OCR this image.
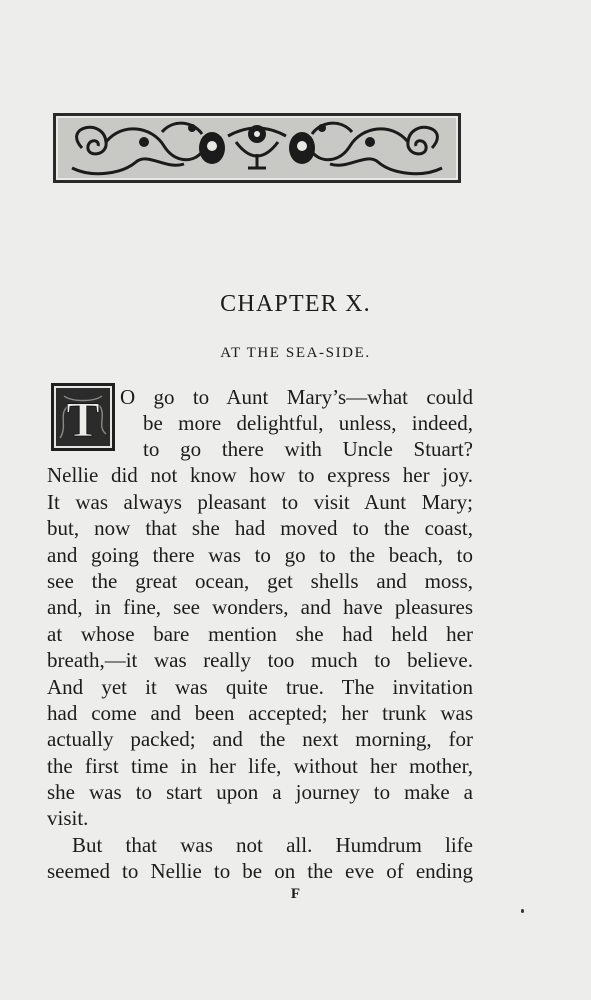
CHAPTER X.
AT THE SEA-SIDE.
T O go to Aunt Mary’s—what could
be more delightful, unless, indeed,
to go there with Uncle Stuart?
Nellie did not know how to express her joy.
It was always pleasant to visit Aunt Mary;
but, now that she had moved to the coast,
and going there was to go to the beach, to
see the great ocean, get shells and moss,
and, in fine, see wonders, and have pleasures
at whose bare mention she had held her
breath,—it was really too much to believe.
And yet it was quite true. The invitation
had come and been accepted; her trunk was
actually packed; and the next morning, for
the first time in her life, without her mother,
she was to start upon a journey to make a
visit.
But that was not all. Humdrum life
seemed to Nellie to be on the eve of ending
F
